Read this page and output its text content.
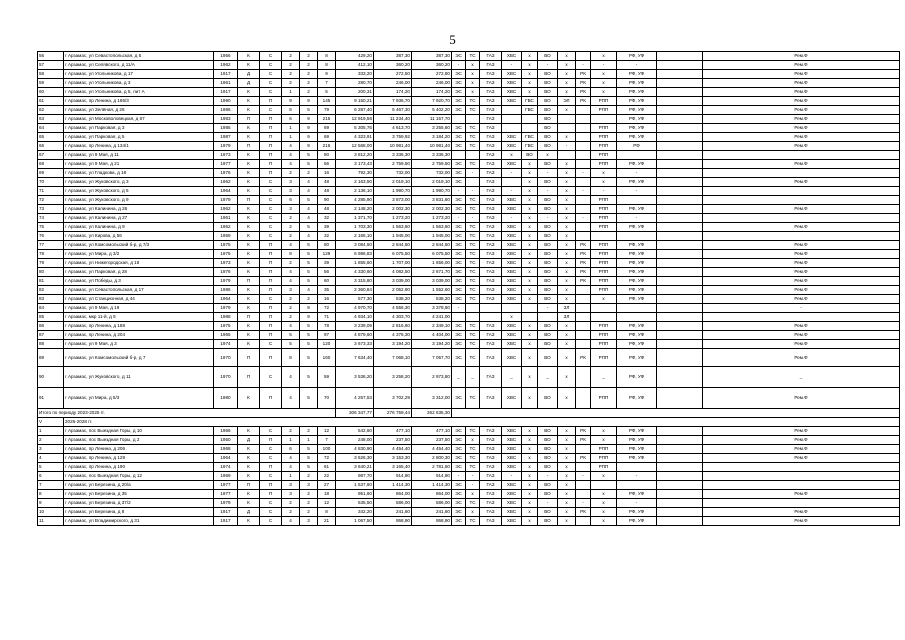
5
56	г Арзамас, ул Севастопольская, д 5	1956	К	С	2	2	8	429,20	387,30	387,30	ЭС	ТС	ГАЗ	ХВС	х	ВО	х		х	РФ, УФ		Рем.Ф
57	г Арзамас, ул Селявского, д 11/А	1962	К	С	2	2	8	412,10	360,20	360,20	-	х	ГАЗ	-	х	-	х	-	-	-		Рем.Ф
58	г Арзамас, ул Угольникова, д 17	1917	Д	С	2	2	9	333,20	272,50	272,80	ЭС	х	ГАЗ	ХВС	х	ВО	х	РК	х	РФ, УФ		Рем.Ф
59	г Арзамас, ул Угольникова, д 3	1961	Д	С	2	2	7	280,70	246,00	246,00	ЭС	х	ГАЗ	ХВС	х	ВО	х	РК	х	РФ, УФ		Рем.Ф
60	г Арзамас, ул Угольникова, д 5, лит А	1917	К	С	1	2	5	200,31	174,20	174,20	ЭС	х	ГАЗ	ХВС	х	ВО	х	РК	х	РФ, УФ		Рем.Ф
61	г Арзамас, пр Ленина, д 186/3	1990	К	П	9	9	145	9 150,21	7 936,70	7 920,70	ЭС	ТС	ГАЗ	ХВС	ГВС	ВО	ЭЛ	РК	РПП	РФ, УФ		Рем.Ф
62	г Арзамас, ул Зелёная, д 26	1986	К	С	5	5	79	6 287,40	5 467,30	5 402,20	ЭС	ТС	ГАЗ		ГВС	ВО	х		РПП	РФ, УФ		Рем.Ф
63	г Арзамас, ул Московоловецкая, д 67	1983	П	П	6	9	215	12 919,56	11 234,40	11 157,70			ГАЗ			ВО				РФ, УФ		Рем.Ф
64	г Арзамас, ул Парковая, д 3	1985	К	П	1	9	69	5 305,76	4 613,70	3 255,60	ЭС	ТС	ГАЗ			ВО			РПП	РФ, УФ		Рем.Ф
65	г Арзамас, ул Парковая, д 5	1987	К	П	1	9	69	4 323,91	3 759,92	3 184,20	ЭС	ТС	ГАЗ	ХВС	ГВС	ВО	х		РПП	РФ, УФ		Рем.Ф
66	г Арзамас, пр Ленина, д 134/1	1979	П	П	4	9	216	12 568,00	10 981,40	10 981,40	ЭС	ТС	ГАЗ	ХВС	ГВС	ВО	-		РПП	РФ		Рем.Ф
67	г Арзамас, ул 9 Мая, д 11	1973	К	П	4	5	80	3 812,20	3 336,30	3 336,30			ГАЗ	х	ВО	х			РПП			
68	г Арзамас, ул 9 Мая, д 21	1977	К	П	4	5	56	3 173,43	2 759,50	2 759,50	ЭС	ТС	ГАЗ	ХВС	х	ВО	х		РПП	РФ, УФ		Рем.Ф
69	г Арзамас, ул Гладкова, д 18	1976	К	П	2	2	16	792,30	732,00	732,00	ЭС	-	ГАЗ	-	х	-	х	-	х	-		
70	г Арзамас, ул Жуковского, д 3	1962	К	С	3	4	48	2 163,50	2 019,10	2 019,10	ЭС		ГАЗ		х	ВО	х		х	РФ, УФ		Рем.Ф
71	г Арзамас, ул Жуковского, д 5	1964	К	С	3	4	48	2 136,10	1 990,70	1 990,70	-	-	ГАЗ	-	х	-	х	-	-	-		
72	г Арзамас, ул Жуковского, д 9	1979	П	С	6	5	90	4 285,90	3 873,00	3 831,60	ЭС	ТС	ГАЗ	ХВС	х	ВО	х		РПП			
73	г Арзамас, ул Калинина, д 26	1962	К	С	3	4	48	2 148,20	2 002,30	2 002,30	ЭС	ТС	ГАЗ	ХВС	х	ВО	х		РПП	РФ, УФ		Рем.Ф
74	г Арзамас, ул Калинина, д 27	1961	К	С	2	4	32	1 371,70	1 273,20	1 273,20	-	-	ГАЗ	-	х	-	х	-	РПП	-		
75	г Арзамас, ул Калинина, д 9	1962	К	С	2	5	39	1 703,30	1 563,60	1 563,60	ЭС	ТС	ГАЗ	ХВС	х	ВО	х		РПП	РФ, УФ		Рем.Ф
76	г Арзамас, ул Кирова, д 56	1959	К	С	2	4	32	2 165,10	1 945,00	1 945,00	ЭС	ТС	ГАЗ	ХВС	х	ВО	х					
77	г Арзамас, ул Комсомольский б-р, д 7/3	1975	К	П	4	5	80	3 084,50	2 844,50	2 844,50	ЭС	ТС	ГАЗ	ХВС	х	ВО	х	РК	РПП	РФ, УФ		Рем.Ф
78	г Арзамас, ул Мира, д 3/2	1975	К	П	8	5	129	6 986,83	6 075,50	6 075,50	ЭС	ТС	ГАЗ	ХВС	х	ВО	х	РК	РПП	РФ, УФ		Рем.Ф
79	г Арзамас, ул Нижегородская, д 18	1973	К	П	2	5	39	1 855,60	1 707,00	1 656,00	ЭС	ТС	ГАЗ	ХВС	х	ВО	х	РК	РПП	РФ, УФ		Рем.Ф
80	г Арзамас, ул Парковая, д 28	1976	К	П	4	5	56	4 330,60	4 082,50	2 671,70	ЭС	ТС	ГАЗ	ХВС	х	ВО	х	РК	РПП	РФ, УФ		Рем.Ф
81	г Арзамас, ул Победы, д 3	1979	П	П	4	5	60	3 315,80	3 039,00	3 039,00	ЭС	ТС	ГАЗ	ХВС	х	ВО	х	РК	РПП	РФ, УФ		Рем.Ф
82	г Арзамас, ул Севастопольская, д 17	1986	К	П	3	4	35	2 360,84	2 052,90	1 552,60	ЭС	ТС	ГАЗ	ХВС	х	ВО	х		РПП	РФ, УФ		Рем.Ф
83	г Арзамас, ул Станционная, д 44	1964	К	С	2	2	16	577,30	538,20	538,20	ЭС	ТС	ГАЗ	ХВС	х	ВО	х		х	РФ, УФ		Рем.Ф
84	г Арзамас, ул 9 Мая, д 19	1979	К	П	2	9	72	4 970,70	4 556,30	3 378,60	-					-	ЗЛ					-
85	г Арзамас, мкр 11-й, д 5	1988	П	П	2	9	71	4 934,10	4 303,70	4 241,00				х			ЗЛ					
86	г Арзамас, пр Ленина, д 188	1975	К	П	4	5	78	3 239,09	2 816,60	2 349,10	ЭС	ТС	ГАЗ	ХВС	х	ВО	х		РПП	РФ, УФ		Рем.Ф
87	г Арзамас, пр Ленина, д 204	1965	К	П	5	5	97	4 879,60	4 376,30	4 404,00	ЭС	ТС	ГАЗ	ХВС	х	ВО	х		РПП	РФ, УФ		Рем.Ф
88	г Арзамас, ул 9 Мая, д 3	1974	К	С	5	5	120	3 673,33	3 194,20	3 194,20	ЭС	ТС	ГАЗ	ХВС	х	ВО	х		РПП	РФ, УФ		Рем.Ф
89	г Арзамас, ул Комсомольский б-р, д 7	1970	П	П	8	5	160	7 634,40	7 068,10	7 057,70	ЭС	ТС	ГАЗ	ХВС	х	ВО	х	РК	РПП	РФ, УФ		Рем.Ф
90	г Арзамас, ул Жуковского, д 11	1970	П	С	4	5	59	3 536,20	3 258,20	2 973,80	_	_	ГАЗ	_	х	_	х		_	РФ, УФ		_
91	г Арзамас, ул Мира, д 5/3	1980	К	П	4	5	70	4 257,53	3 702,29	3 312,00	ЭС	ТС	ГАЗ	ХВС	х	ВО	х		РПП	РФ, УФ		Рем.Ф
Итого по периоду 2023-2025 гг.								306 347,77	276 759,44	262 635,30												
V	2026-2028 гг.																					
1	г Арзамас, пос Выездная Горы, д 10	1966	К	С	2	2	12	542,60	477,10	477,10	ЭС	ТС	ГАЗ	ХВС	х	ВО	х	РК	х	РФ, УФ		Рем.Ф
2	г Арзамас, пос Выездная Горы, д 2	1950	Д	П	1	1	7	248,00	237,50	237,50	ЭС	х	ГАЗ	ХВС	х	ВО	х	РК	х	РФ, УФ		Рем.Ф
3	г Арзамас, пр Ленина, д 206	1968	К	С	6	5	100	4 830,90	4 454,40	4 454,40	ЭС	ТС	ГАЗ	ХВС	х	ВО	х		РПП	РФ, УФ		Рем.Ф
4	г Арзамас, пр Ленина, д 129	1964	К	С	4	5	72	3 626,30	3 153,30	2 800,30	ЭС	ТС	ГАЗ	ХВС	х	ВО	х	РК	РПП	РФ, УФ		Рем.Ф
5	г Арзамас, пр Ленина, д 190	1974	К	П	4	5	61	3 640,21	3 165,40	2 781,50	ЭС	ТС	ГАЗ	ХВС	х	ВО	х		РПП			
6	г Арзамас, пос Выездная Горы, д 12	1969	К	С	1	2	22	987,70	914,90	914,90	-	-	ГАЗ	-	х	-	х	-	х	-		
7	г Арзамас, ул Березина, д 20/а	1977	П	П	3	3	27	1 537,60	1 414,30	1 414,30	ЭС	-	ГАЗ	ХВС	х	ВО	х					
8	г Арзамас, ул Березина, д 35	1977	К	П	3	2	18	951,60	864,00	864,00	ЭС	х	ГАЗ	ХВС	х	ВО	х		х	РФ, УФ		Рем.Ф
9	г Арзамас, ул Березина, д 37/2	1979	К	С	2	2	12	635,50	586,00	586,00	ЭС	ТС	ГАЗ	ХВС	х	-	х	-	х	-		
10	г Арзамас, ул Березина, д 8	1917	Д	С	2	2	8	342,20	241,60	241,60	ЭС	х	ГАЗ	ХВС	х	ВО	х	РК	х	РФ, УФ		Рем.Ф
11	г Арзамас, ул Владимирского, д 31	1917	К	С	4	3	21	1 067,50	958,90	958,90	ЭС	ТС	ГАЗ	ХВС	х	ВО	х		х	РФ, УФ		Рем.Ф
